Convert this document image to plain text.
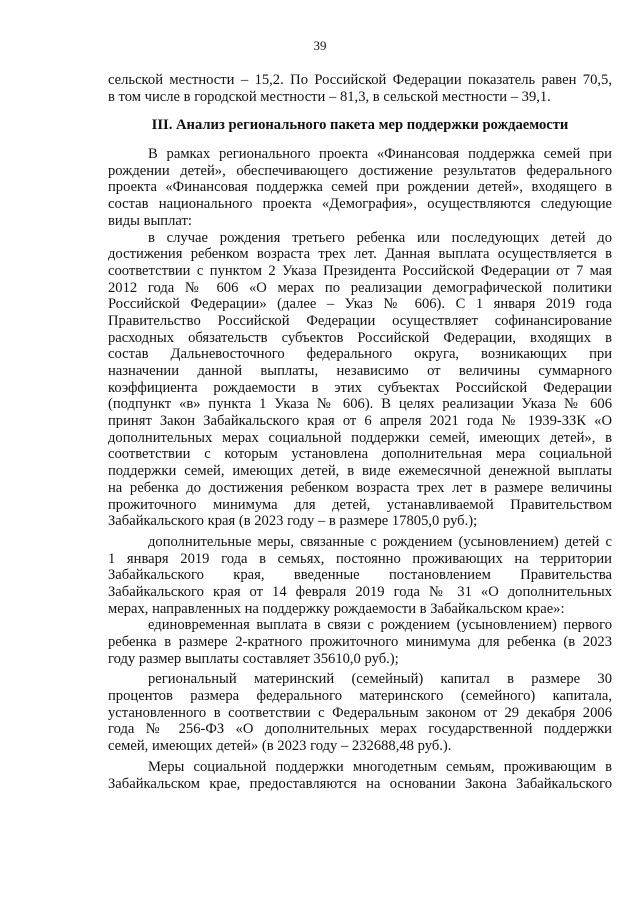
39
сельской местности – 15,2. По Российской Федерации показатель равен 70,5,
в том числе в городской местности – 81,3, в сельской местности – 39,1.
III. Анализ регионального пакета мер поддержки рождаемости
В рамках регионального проекта «Финансовая поддержка семей при
рождении детей», обеспечивающего достижение результатов федерального
проекта «Финансовая поддержка семей при рождении детей», входящего в
состав национального проекта «Демография», осуществляются следующие
виды выплат:
в случае рождения третьего ребенка или последующих детей до
достижения ребенком возраста трех лет. Данная выплата осуществляется в
соответствии с пунктом 2 Указа Президента Российской Федерации от 7 мая
2012 года № 606 «О мерах по реализации демографической политики
Российской Федерации» (далее – Указ № 606). С 1 января 2019 года
Правительство Российской Федерации осуществляет софинансирование
расходных обязательств субъектов Российской Федерации, входящих в
состав Дальневосточного федерального округа, возникающих при
назначении данной выплаты, независимо от величины суммарного
коэффициента рождаемости в этих субъектах Российской Федерации
(подпункт «в» пункта 1 Указа № 606). В целях реализации Указа № 606
принят Закон Забайкальского края от 6 апреля 2021 года № 1939-ЗЗК «О
дополнительных мерах социальной поддержки семей, имеющих детей», в
соответствии с которым установлена дополнительная мера социальной
поддержки семей, имеющих детей, в виде ежемесячной денежной выплаты
на ребенка до достижения ребенком возраста трех лет в размере величины
прожиточного минимума для детей, устанавливаемой Правительством
Забайкальского края (в 2023 году – в размере 17805,0 руб.);
дополнительные меры, связанные с рождением (усыновлением) детей с
1 января 2019 года в семьях, постоянно проживающих на территории
Забайкальского края, введенные постановлением Правительства
Забайкальского края от 14 февраля 2019 года № 31 «О дополнительных
мерах, направленных на поддержку рождаемости в Забайкальском крае»:
единовременная выплата в связи с рождением (усыновлением) первого
ребенка в размере 2-кратного прожиточного минимума для ребенка (в 2023
году размер выплаты составляет 35610,0 руб.);
региональный материнский (семейный) капитал в размере 30
процентов размера федерального материнского (семейного) капитала,
установленного в соответствии с Федеральным законом от 29 декабря 2006
года № 256-ФЗ «О дополнительных мерах государственной поддержки
семей, имеющих детей» (в 2023 году – 232688,48 руб.).
Меры социальной поддержки многодетным семьям, проживающим в
Забайкальском крае, предоставляются на основании Закона Забайкальского
